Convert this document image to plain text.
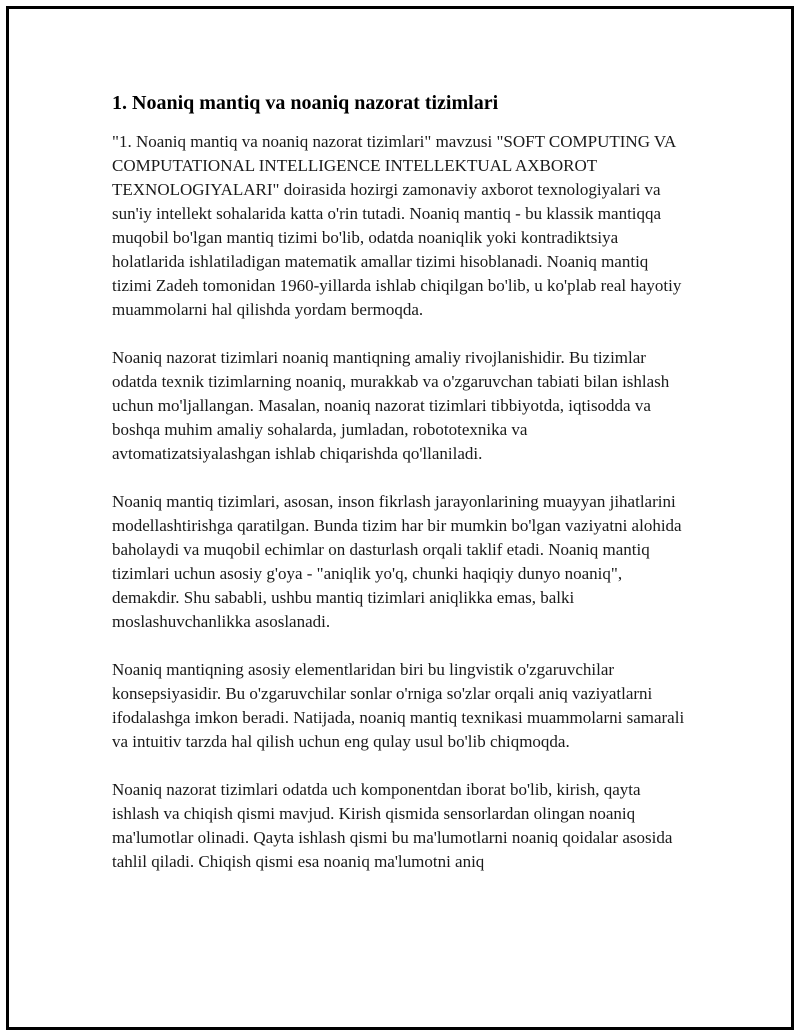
1. Noaniq mantiq va noaniq nazorat tizimlari

"1. Noaniq mantiq va noaniq nazorat tizimlari" mavzusi "SOFT COMPUTING VA COMPUTATIONAL INTELLIGENCE INTELLEKTUAL AXBOROT TEXNOLOGIYALARI" doirasida hozirgi zamonaviy axborot texnologiyalari va sun'iy intellekt sohalarida katta o'rin tutadi. Noaniq mantiq - bu klassik mantiqqa muqobil bo'lgan mantiq tizimi bo'lib, odatda noaniqlik yoki kontradiktsiya holatlarida ishlatiladigan matematik amallar tizimi hisoblanadi. Noaniq mantiq tizimi Zadeh tomonidan 1960-yillarda ishlab chiqilgan bo'lib, u ko'plab real hayotiy muammolarni hal qilishda yordam bermoqda.

Noaniq nazorat tizimlari noaniq mantiqning amaliy rivojlanishidir. Bu tizimlar odatda texnik tizimlarning noaniq, murakkab va o'zgaruvchan tabiati bilan ishlash uchun mo'ljallangan. Masalan, noaniq nazorat tizimlari tibbiyotda, iqtisodda va boshqa muhim amaliy sohalarda, jumladan, robototexnika va avtomatizatsiyalashgan ishlab chiqarishda qo'llaniladi.

Noaniq mantiq tizimlari, asosan, inson fikrlash jarayonlarining muayyan jihatlarini modellashtirishga qaratilgan. Bunda tizim har bir mumkin bo'lgan vaziyatni alohida baholaydi va muqobil echimlar on dasturlash orqali taklif etadi. Noaniq mantiq tizimlari uchun asosiy g'oya - "aniqlik yo'q, chunki haqiqiy dunyo noaniq", demakdir. Shu sababli, ushbu mantiq tizimlari aniqlikka emas, balki moslashuvchanlikka asoslanadi.

Noaniq mantiqning asosiy elementlaridan biri bu lingvistik o'zgaruvchilar konsepsiyasidir. Bu o'zgaruvchilar sonlar o'rniga so'zlar orqali aniq vaziyatlarni ifodalashga imkon beradi. Natijada, noaniq mantiq texnikasi muammolarni samarali va intuitiv tarzda hal qilish uchun eng qulay usul bo'lib chiqmoqda.

Noaniq nazorat tizimlari odatda uch komponentdan iborat bo'lib, kirish, qayta ishlash va chiqish qismi mavjud. Kirish qismida sensorlardan olingan noaniq ma'lumotlar olinadi. Qayta ishlash qismi bu ma'lumotlarni noaniq qoidalar asosida tahlil qiladi. Chiqish qismi esa noaniq ma'lumotni aniq
